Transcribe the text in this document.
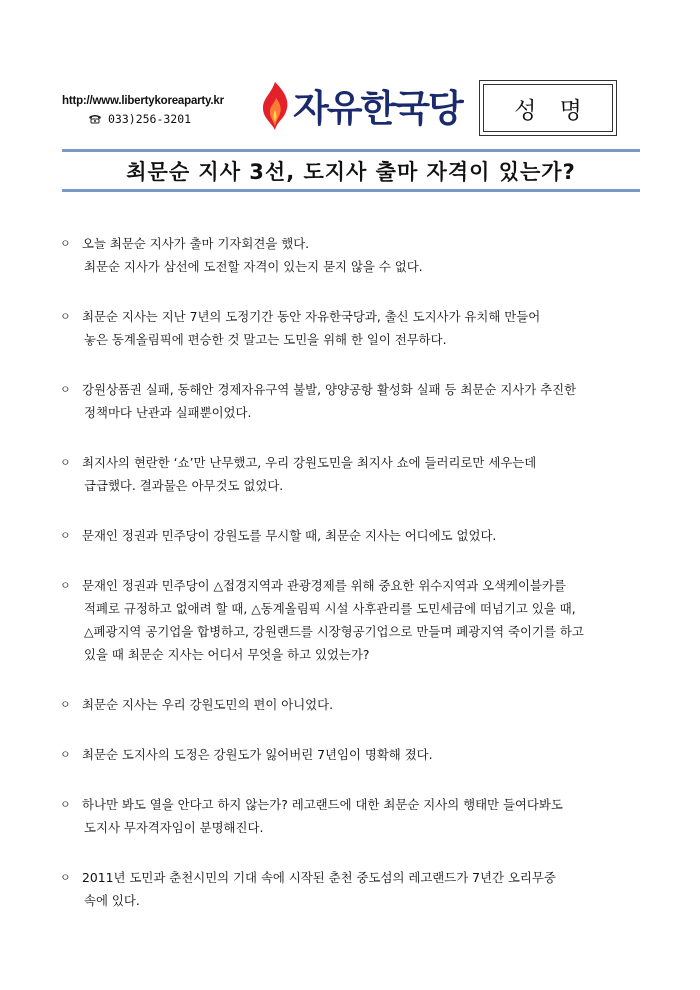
http://www.libertykoreaparty.kr
033)256-3201	자유한국당	성 명
최문순 지사 3선, 도지사 출마 자격이 있는가?
ㅇ 오늘 최문순 지사가 출마 기자회견을 했다.
최문순 지사가 삼선에 도전할 자격이 있는지 묻지 않을 수 없다.
ㅇ 최문순 지사는 지난 7년의 도정기간 동안 자유한국당과, 출신 도지사가 유치해 만들어
놓은 동계올림픽에 편승한 것 말고는 도민을 위해 한 일이 전무하다.
ㅇ 강원상품권 실패, 동해안 경제자유구역 불발, 양양공항 활성화 실패 등 최문순 지사가 추진한
정책마다 난관과 실패뿐이었다.
ㅇ 최지사의 현란한 ‘쇼’만 난무했고, 우리 강원도민을 최지사 쇼에 들러리로만 세우는데
급급했다. 결과물은 아무것도 없었다.
ㅇ 문재인 정권과 민주당이 강원도를 무시할 때, 최문순 지사는 어디에도 없었다.
ㅇ 문재인 정권과 민주당이 △접경지역과 관광경제를 위해 중요한 위수지역과 오색케이블카를
적폐로 규정하고 없애려 할 때, △동계올림픽 시설 사후관리를 도민세금에 떠넘기고 있을 때,
△폐광지역 공기업을 합병하고, 강원랜드를 시장형공기업으로 만들며 폐광지역 죽이기를 하고
있을 때 최문순 지사는 어디서 무엇을 하고 있었는가?
ㅇ 최문순 지사는 우리 강원도민의 편이 아니었다.
ㅇ 최문순 도지사의 도정은 강원도가 잃어버린 7년임이 명확해 졌다.
ㅇ 하나만 봐도 열을 안다고 하지 않는가? 레고랜드에 대한 최문순 지사의 행태만 들여다봐도
도지사 무자격자임이 분명해진다.
ㅇ 2011년 도민과 춘천시민의 기대 속에 시작된 춘천 중도섬의 레고랜드가 7년간 오리무중
속에 있다.
